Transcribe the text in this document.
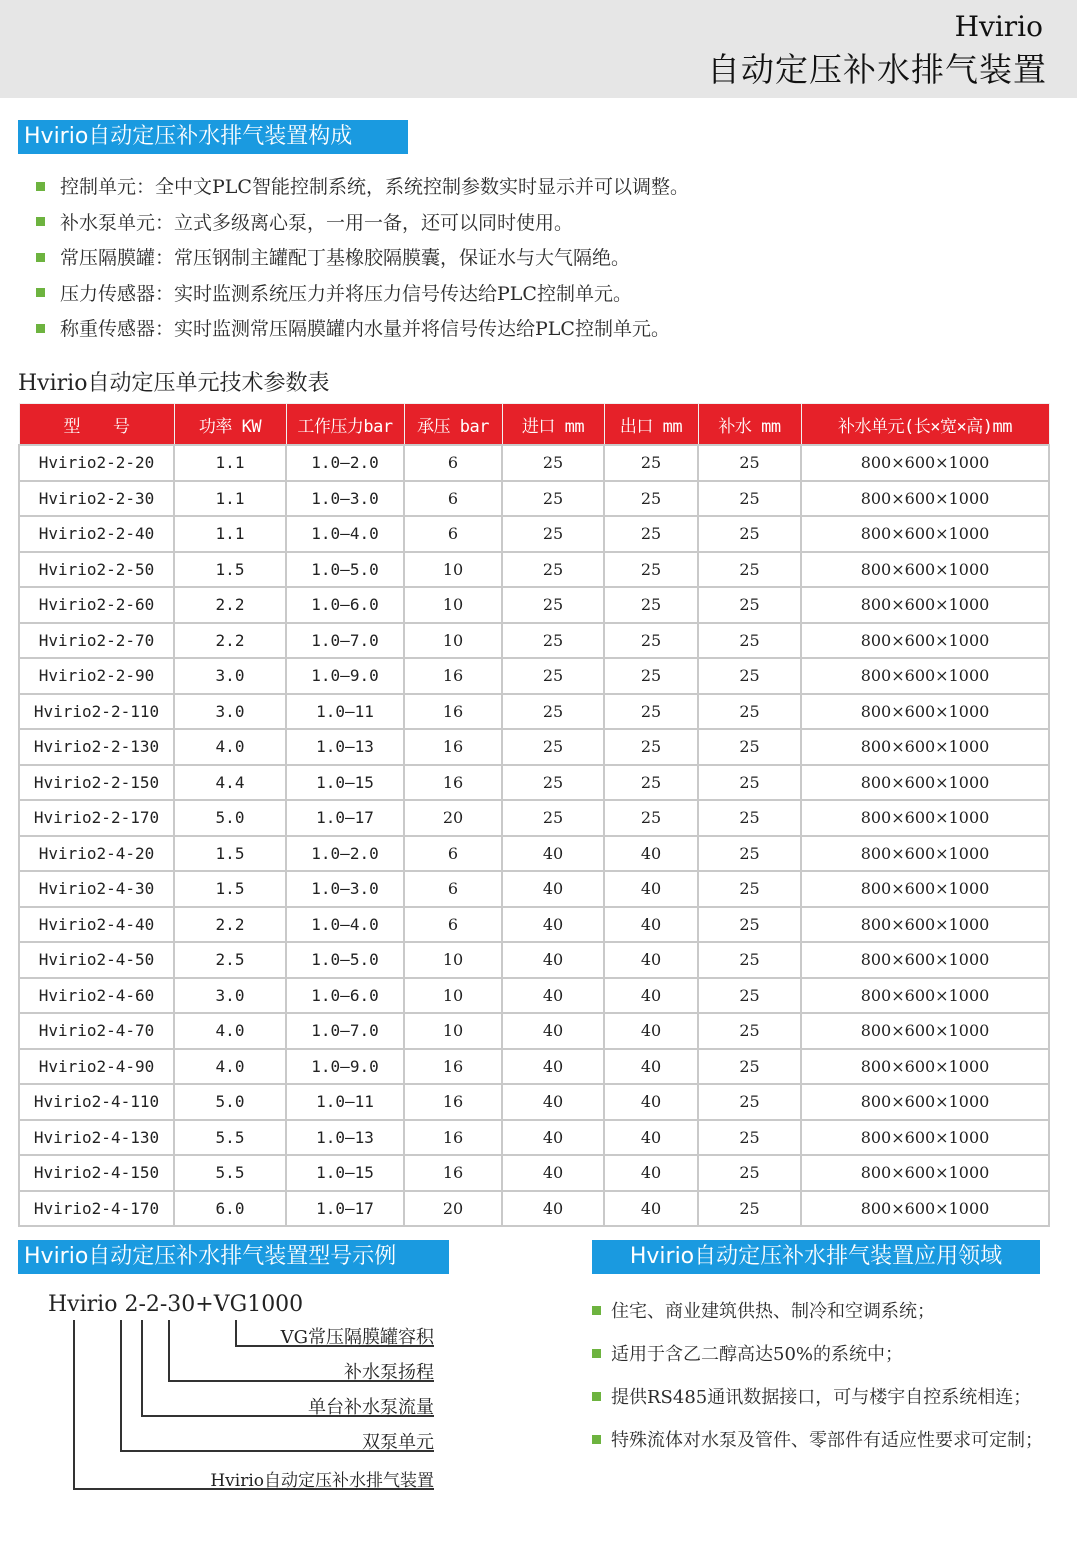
Hvirio
自动定压补水排气装置
Hvirio自动定压补水排气装置构成
控制单元：全中文PLC智能控制系统，系统控制参数实时显示并可以调整。
补水泵单元：立式多级离心泵，一用一备，还可以同时使用。
常压隔膜罐：常压钢制主罐配丁基橡胶隔膜囊，保证水与大气隔绝。
压力传感器：实时监测系统压力并将压力信号传达给PLC控制单元。
称重传感器：实时监测常压隔膜罐内水量并将信号传达给PLC控制单元。
Hvirio自动定压单元技术参数表
型　　号	功率 KW	工作压力bar	承压 bar	进口 mm	出口 mm	补水 mm	补水单元(长×宽×高)mm
Hvirio2-2-20	1.1	1.0—2.0	6	25	25	25	800×600×1000
Hvirio2-2-30	1.1	1.0—3.0	6	25	25	25	800×600×1000
Hvirio2-2-40	1.1	1.0—4.0	6	25	25	25	800×600×1000
Hvirio2-2-50	1.5	1.0—5.0	10	25	25	25	800×600×1000
Hvirio2-2-60	2.2	1.0—6.0	10	25	25	25	800×600×1000
Hvirio2-2-70	2.2	1.0—7.0	10	25	25	25	800×600×1000
Hvirio2-2-90	3.0	1.0—9.0	16	25	25	25	800×600×1000
Hvirio2-2-110	3.0	1.0—11	16	25	25	25	800×600×1000
Hvirio2-2-130	4.0	1.0—13	16	25	25	25	800×600×1000
Hvirio2-2-150	4.4	1.0—15	16	25	25	25	800×600×1000
Hvirio2-2-170	5.0	1.0—17	20	25	25	25	800×600×1000
Hvirio2-4-20	1.5	1.0—2.0	6	40	40	25	800×600×1000
Hvirio2-4-30	1.5	1.0—3.0	6	40	40	25	800×600×1000
Hvirio2-4-40	2.2	1.0—4.0	6	40	40	25	800×600×1000
Hvirio2-4-50	2.5	1.0—5.0	10	40	40	25	800×600×1000
Hvirio2-4-60	3.0	1.0—6.0	10	40	40	25	800×600×1000
Hvirio2-4-70	4.0	1.0—7.0	10	40	40	25	800×600×1000
Hvirio2-4-90	4.0	1.0—9.0	16	40	40	25	800×600×1000
Hvirio2-4-110	5.0	1.0—11	16	40	40	25	800×600×1000
Hvirio2-4-130	5.5	1.0—13	16	40	40	25	800×600×1000
Hvirio2-4-150	5.5	1.0—15	16	40	40	25	800×600×1000
Hvirio2-4-170	6.0	1.0—17	20	40	40	25	800×600×1000
Hvirio自动定压补水排气装置型号示例
Hvirio 2-2-30+VG1000
VG常压隔膜罐容积
补水泵扬程
单台补水泵流量
双泵单元
Hvirio自动定压补水排气装置
Hvirio自动定压补水排气装置应用领域
住宅、商业建筑供热、制冷和空调系统；
适用于含乙二醇高达50%的系统中；
提供RS485通讯数据接口，可与楼宇自控系统相连；
特殊流体对水泵及管件、零部件有适应性要求可定制；
